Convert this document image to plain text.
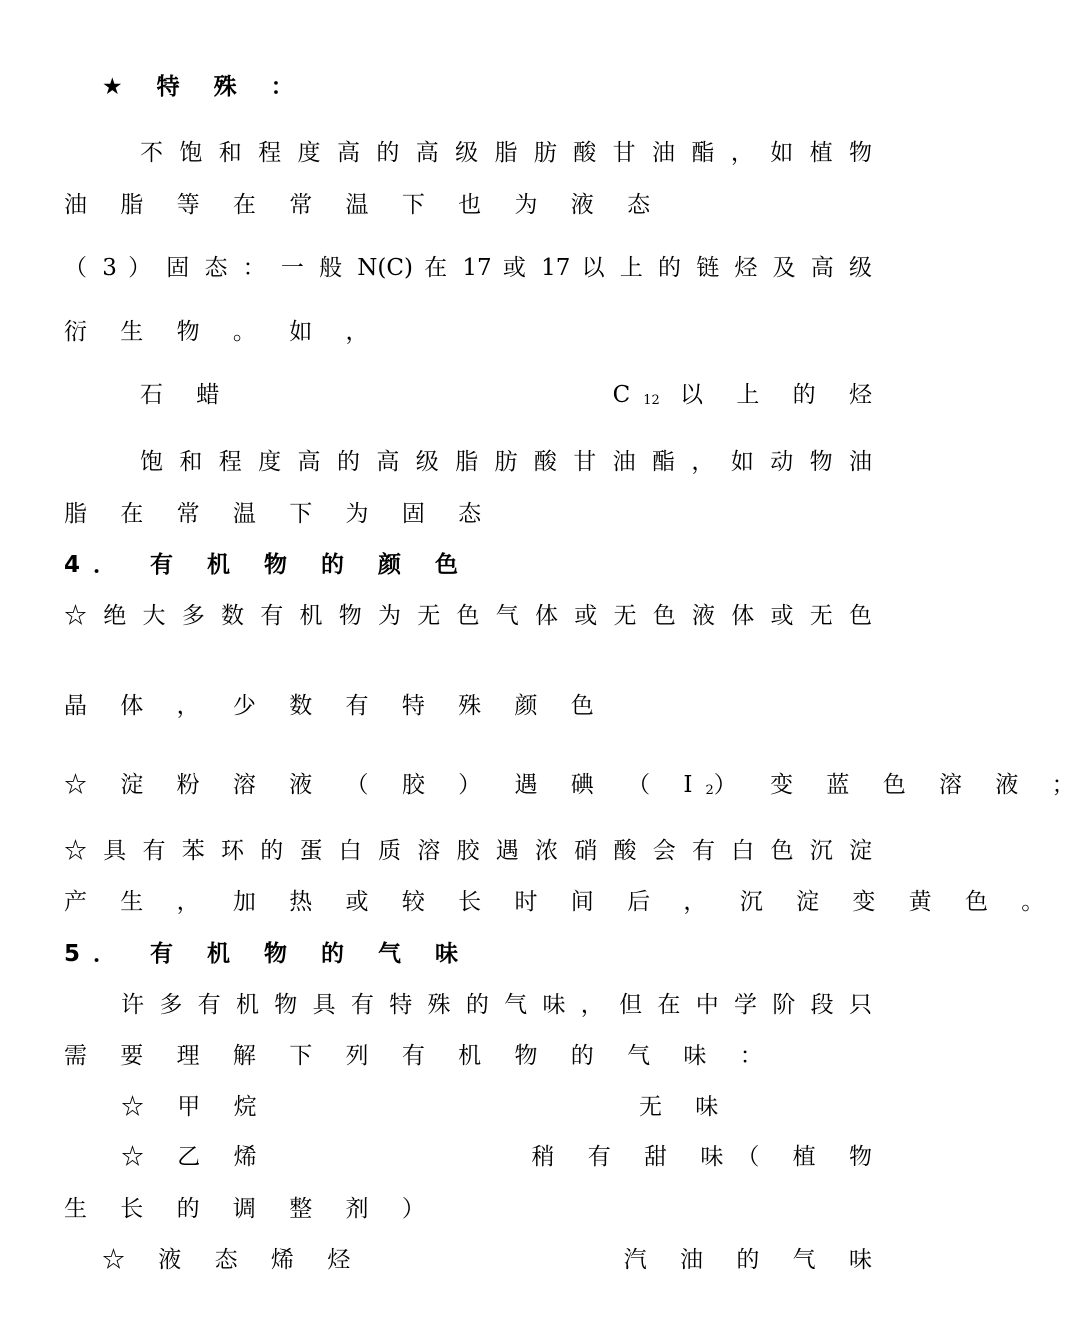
★ 特 殊 ：
不 饱 和 程 度 高 的 高 级 脂 肪 酸 甘 油 酯 ， 如 植 物
油 脂 等 在 常 温 下 也 为 液 态
（ 3 ） 固 态 ： 一 般 N(C) 在 17 或 17 以 上 的 链 烃 及 高 级
衍 生 物 。 如 ，
石 蜡	$C_{12}$ 以 上 的 烃
饱 和 程 度 高 的 高 级 脂 肪 酸 甘 油 酯 ， 如 动 物 油
脂 在 常 温 下 为 固 态
4． 有 机 物 的 颜 色
☆ 绝 大 多 数 有 机 物 为 无 色 气 体 或 无 色 液 体 或 无 色
晶 体 ， 少 数 有 特 殊 颜 色
☆ 淀 粉 溶 液 （ 胶 ） 遇 碘 （ $I_2$） 变 蓝 色 溶 液 ；
☆ 具 有 苯 环 的 蛋 白 质 溶 胶 遇 浓 硝 酸 会 有 白 色 沉 淀
产 生 ， 加 热 或 较 长 时 间 后 ， 沉 淀 变 黄 色 。
5． 有 机 物 的 气 味
许 多 有 机 物 具 有 特 殊 的 气 味 ， 但 在 中 学 阶 段 只
需 要 理 解 下 列 有 机 物 的 气 味 ：
☆ 甲 烷	无 味
☆ 乙 烯	稍 有 甜 味（ 植 物
生 长 的 调 整 剂 ）
☆ 液 态 烯 烃	汽 油 的 气 味
